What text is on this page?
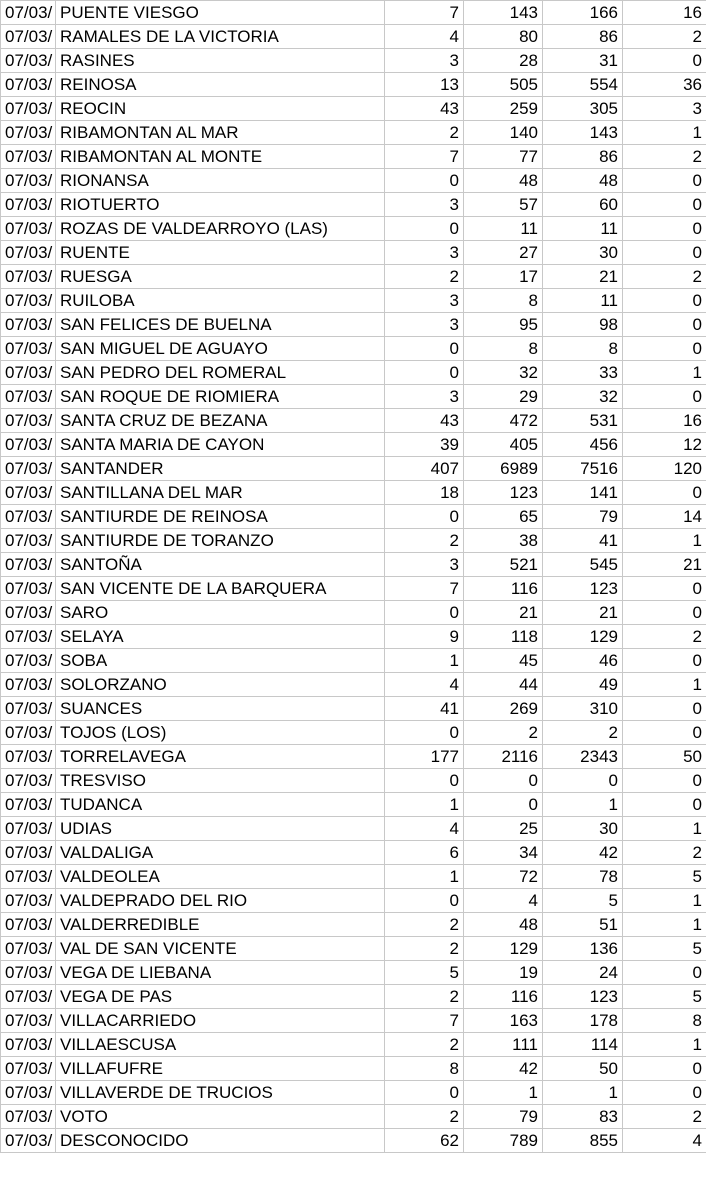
07/03/	PUENTE VIESGO	7	143	166	16
07/03/	RAMALES DE LA VICTORIA	4	80	86	2
07/03/	RASINES	3	28	31	0
07/03/	REINOSA	13	505	554	36
07/03/	REOCIN	43	259	305	3
07/03/	RIBAMONTAN AL MAR	2	140	143	1
07/03/	RIBAMONTAN AL MONTE	7	77	86	2
07/03/	RIONANSA	0	48	48	0
07/03/	RIOTUERTO	3	57	60	0
07/03/	ROZAS DE VALDEARROYO (LAS)	0	11	11	0
07/03/	RUENTE	3	27	30	0
07/03/	RUESGA	2	17	21	2
07/03/	RUILOBA	3	8	11	0
07/03/	SAN FELICES DE BUELNA	3	95	98	0
07/03/	SAN MIGUEL DE AGUAYO	0	8	8	0
07/03/	SAN PEDRO DEL ROMERAL	0	32	33	1
07/03/	SAN ROQUE DE RIOMIERA	3	29	32	0
07/03/	SANTA CRUZ DE BEZANA	43	472	531	16
07/03/	SANTA MARIA DE CAYON	39	405	456	12
07/03/	SANTANDER	407	6989	7516	120
07/03/	SANTILLANA DEL MAR	18	123	141	0
07/03/	SANTIURDE DE REINOSA	0	65	79	14
07/03/	SANTIURDE DE TORANZO	2	38	41	1
07/03/	SANTOÑA	3	521	545	21
07/03/	SAN VICENTE DE LA BARQUERA	7	116	123	0
07/03/	SARO	0	21	21	0
07/03/	SELAYA	9	118	129	2
07/03/	SOBA	1	45	46	0
07/03/	SOLORZANO	4	44	49	1
07/03/	SUANCES	41	269	310	0
07/03/	TOJOS (LOS)	0	2	2	0
07/03/	TORRELAVEGA	177	2116	2343	50
07/03/	TRESVISO	0	0	0	0
07/03/	TUDANCA	1	0	1	0
07/03/	UDIAS	4	25	30	1
07/03/	VALDALIGA	6	34	42	2
07/03/	VALDEOLEA	1	72	78	5
07/03/	VALDEPRADO DEL RIO	0	4	5	1
07/03/	VALDERREDIBLE	2	48	51	1
07/03/	VAL DE SAN VICENTE	2	129	136	5
07/03/	VEGA DE LIEBANA	5	19	24	0
07/03/	VEGA DE PAS	2	116	123	5
07/03/	VILLACARRIEDO	7	163	178	8
07/03/	VILLAESCUSA	2	111	114	1
07/03/	VILLAFUFRE	8	42	50	0
07/03/	VILLAVERDE DE TRUCIOS	0	1	1	0
07/03/	VOTO	2	79	83	2
07/03/	DESCONOCIDO	62	789	855	4
